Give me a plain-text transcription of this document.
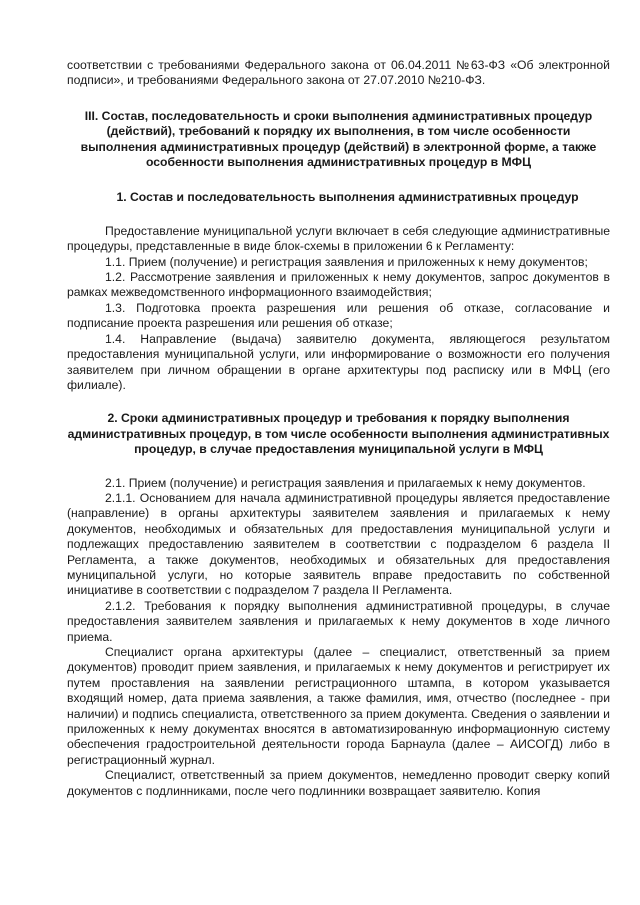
соответствии с требованиями Федерального закона от 06.04.2011 №63-ФЗ «Об электронной подписи», и требованиями Федерального закона от 27.07.2010 №210-ФЗ.

III. Состав, последовательность и сроки выполнения административных процедур (действий), требований к порядку их выполнения, в том числе особенности выполнения административных процедур (действий) в электронной форме, а также особенности выполнения административных процедур в МФЦ

1. Состав и последовательность выполнения административных процедур

Предоставление муниципальной услуги включает в себя следующие административные процедуры, представленные в виде блок-схемы в приложении 6 к Регламенту:

1.1. Прием (получение) и регистрация заявления и приложенных к нему документов;

1.2. Рассмотрение заявления и приложенных к нему документов, запрос документов в рамках межведомственного информационного взаимодействия;

1.3. Подготовка проекта разрешения или решения об отказе, согласование и подписание проекта разрешения или решения об отказе;

1.4. Направление (выдача) заявителю документа, являющегося результатом предоставления муниципальной услуги, или информирование о возможности его получения заявителем при личном обращении в органе архитектуры под расписку или в МФЦ (его филиале).

2. Сроки административных процедур и требования к порядку выполнения административных процедур, в том числе особенности выполнения административных процедур, в случае предоставления муниципальной услуги в МФЦ

2.1. Прием (получение) и регистрация заявления и прилагаемых к нему документов.

2.1.1. Основанием для начала административной процедуры является предоставление (направление) в органы архитектуры заявителем заявления и прилагаемых к нему документов, необходимых и обязательных для предоставления муниципальной услуги и подлежащих предоставлению заявителем в соответствии с подразделом 6 раздела II Регламента, а также документов, необходимых и обязательных для предоставления муниципальной услуги, но которые заявитель вправе предоставить по собственной инициативе в соответствии с подразделом 7 раздела II Регламента.

2.1.2. Требования к порядку выполнения административной процедуры, в случае предоставления заявителем заявления и прилагаемых к нему документов в ходе личного приема.

Специалист органа архитектуры (далее – специалист, ответственный за прием документов) проводит прием заявления, и прилагаемых к нему документов и регистрирует их путем проставления на заявлении регистрационного штампа, в котором указывается входящий номер, дата приема заявления, а также фамилия, имя, отчество (последнее - при наличии) и подпись специалиста, ответственного за прием документа. Сведения о заявлении и приложенных к нему документах вносятся в автоматизированную информационную систему обеспечения градостроительной деятельности города Барнаула (далее – АИСОГД) либо в регистрационный журнал.

Специалист, ответственный за прием документов, немедленно проводит сверку копий документов с подлинниками, после чего подлинники возвращает заявителю. Копия
